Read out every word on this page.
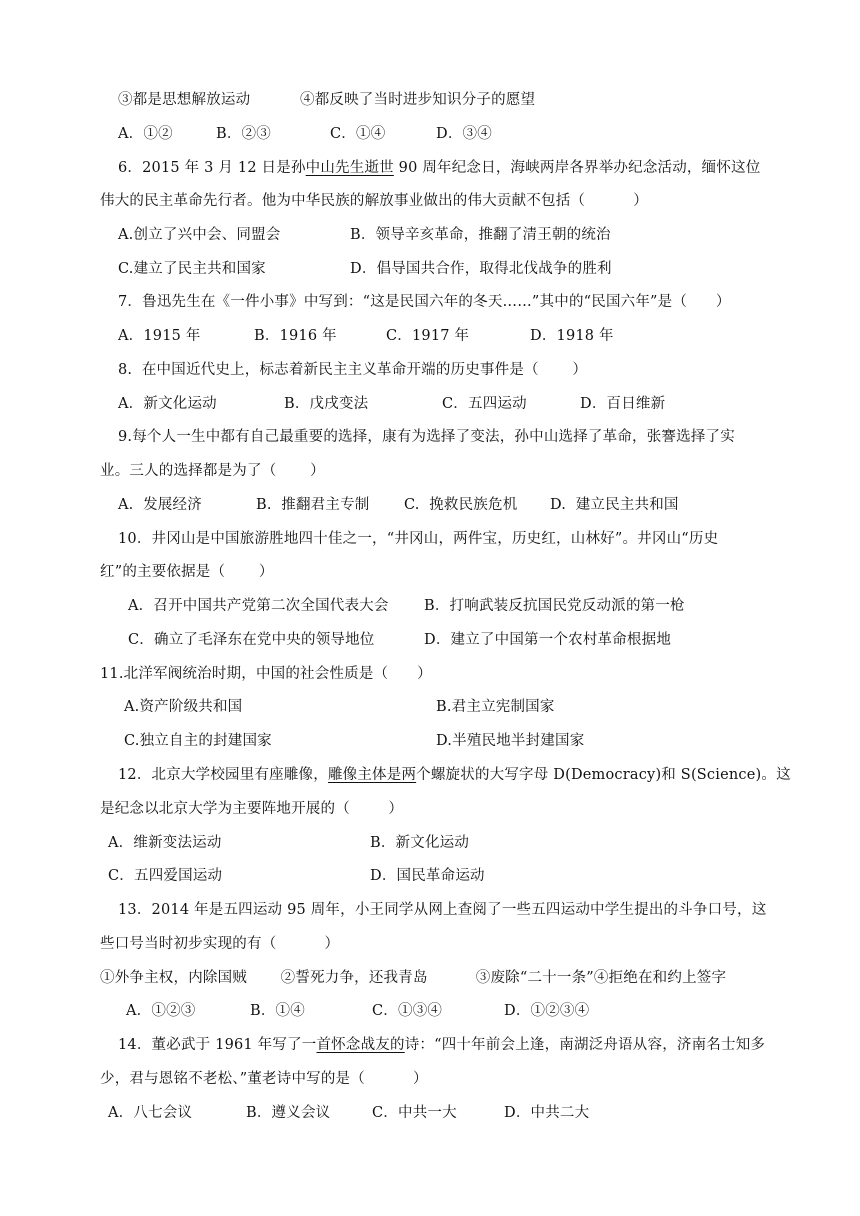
③都是思想解放运动	④都反映了当时进步知识分子的愿望
A．①②	B．②③	C．①④	D．③④
6．2015 年 3 月 12 日是孙中山先生逝世 90 周年纪念日，海峡两岸各界举办纪念活动，缅怀这位
伟大的民主革命先行者。他为中华民族的解放事业做出的伟大贡献不包括（          ）
A.创立了兴中会、同盟会	B．领导辛亥革命，推翻了清王朝的统治
C.建立了民主共和国家	D．倡导国共合作，取得北伐战争的胜利
7．鲁迅先生在《一件小事》中写到：“这是民国六年的冬天……”其中的“民国六年”是（      ）
A．1915 年	B．1916 年	C．1917 年	D．1918 年
8.  在中国近代史上，标志着新民主主义革命开端的历史事件是（       ）
A．新文化运动	B．戊戌变法	C．五四运动	D．百日维新
9.每个人一生中都有自己最重要的选择，康有为选择了变法，孙中山选择了革命，张謇选择了实
业。三人的选择都是为了（       ）
A.  发展经济	B.  推翻君主专制 C.  挽救民族危机 D.  建立民主共和国
10．井冈山是中国旅游胜地四十佳之一，“井冈山，两件宝，历史红，山林好”。井冈山“历史
红”的主要依据是（       ）
A．召开中国共产党第二次全国代表大会 B．打响武装反抗国民党反动派的第一枪
C．确立了毛泽东在党中央的领导地位	D．建立了中国第一个农村革命根据地
11.北洋军阀统治时期，中国的社会性质是（      ）
A.资产阶级共和国	B.君主立宪制国家
C.独立自主的封建国家	D.半殖民地半封建国家
12．北京大学校园里有座雕像，雕像主体是两个螺旋状的大写字母 D(Democracy)和 S(Science)。这
是纪念以北京大学为主要阵地开展的（        ）
A．维新变法运动	B．新文化运动
C．五四爱国运动	D．国民革命运动
13．2014 年是五四运动 95 周年，小王同学从网上查阅了一些五四运动中学生提出的斗争口号，这
些口号当时初步实现的有（          ）
①外争主权，内除国贼       ②誓死力争，还我青岛          ③废除“二十一条”④拒绝在和约上签字
A．①②③	B．①④	C．①③④	D．①②③④
14．董必武于 1961 年写了一首怀念战友的诗：“四十年前会上逢，南湖泛舟语从容，济南名士知多
少，君与恩铭不老松、”董老诗中写的是（          ）
A．八七会议	B．遵义会议	C．中共一大	D．中共二大
